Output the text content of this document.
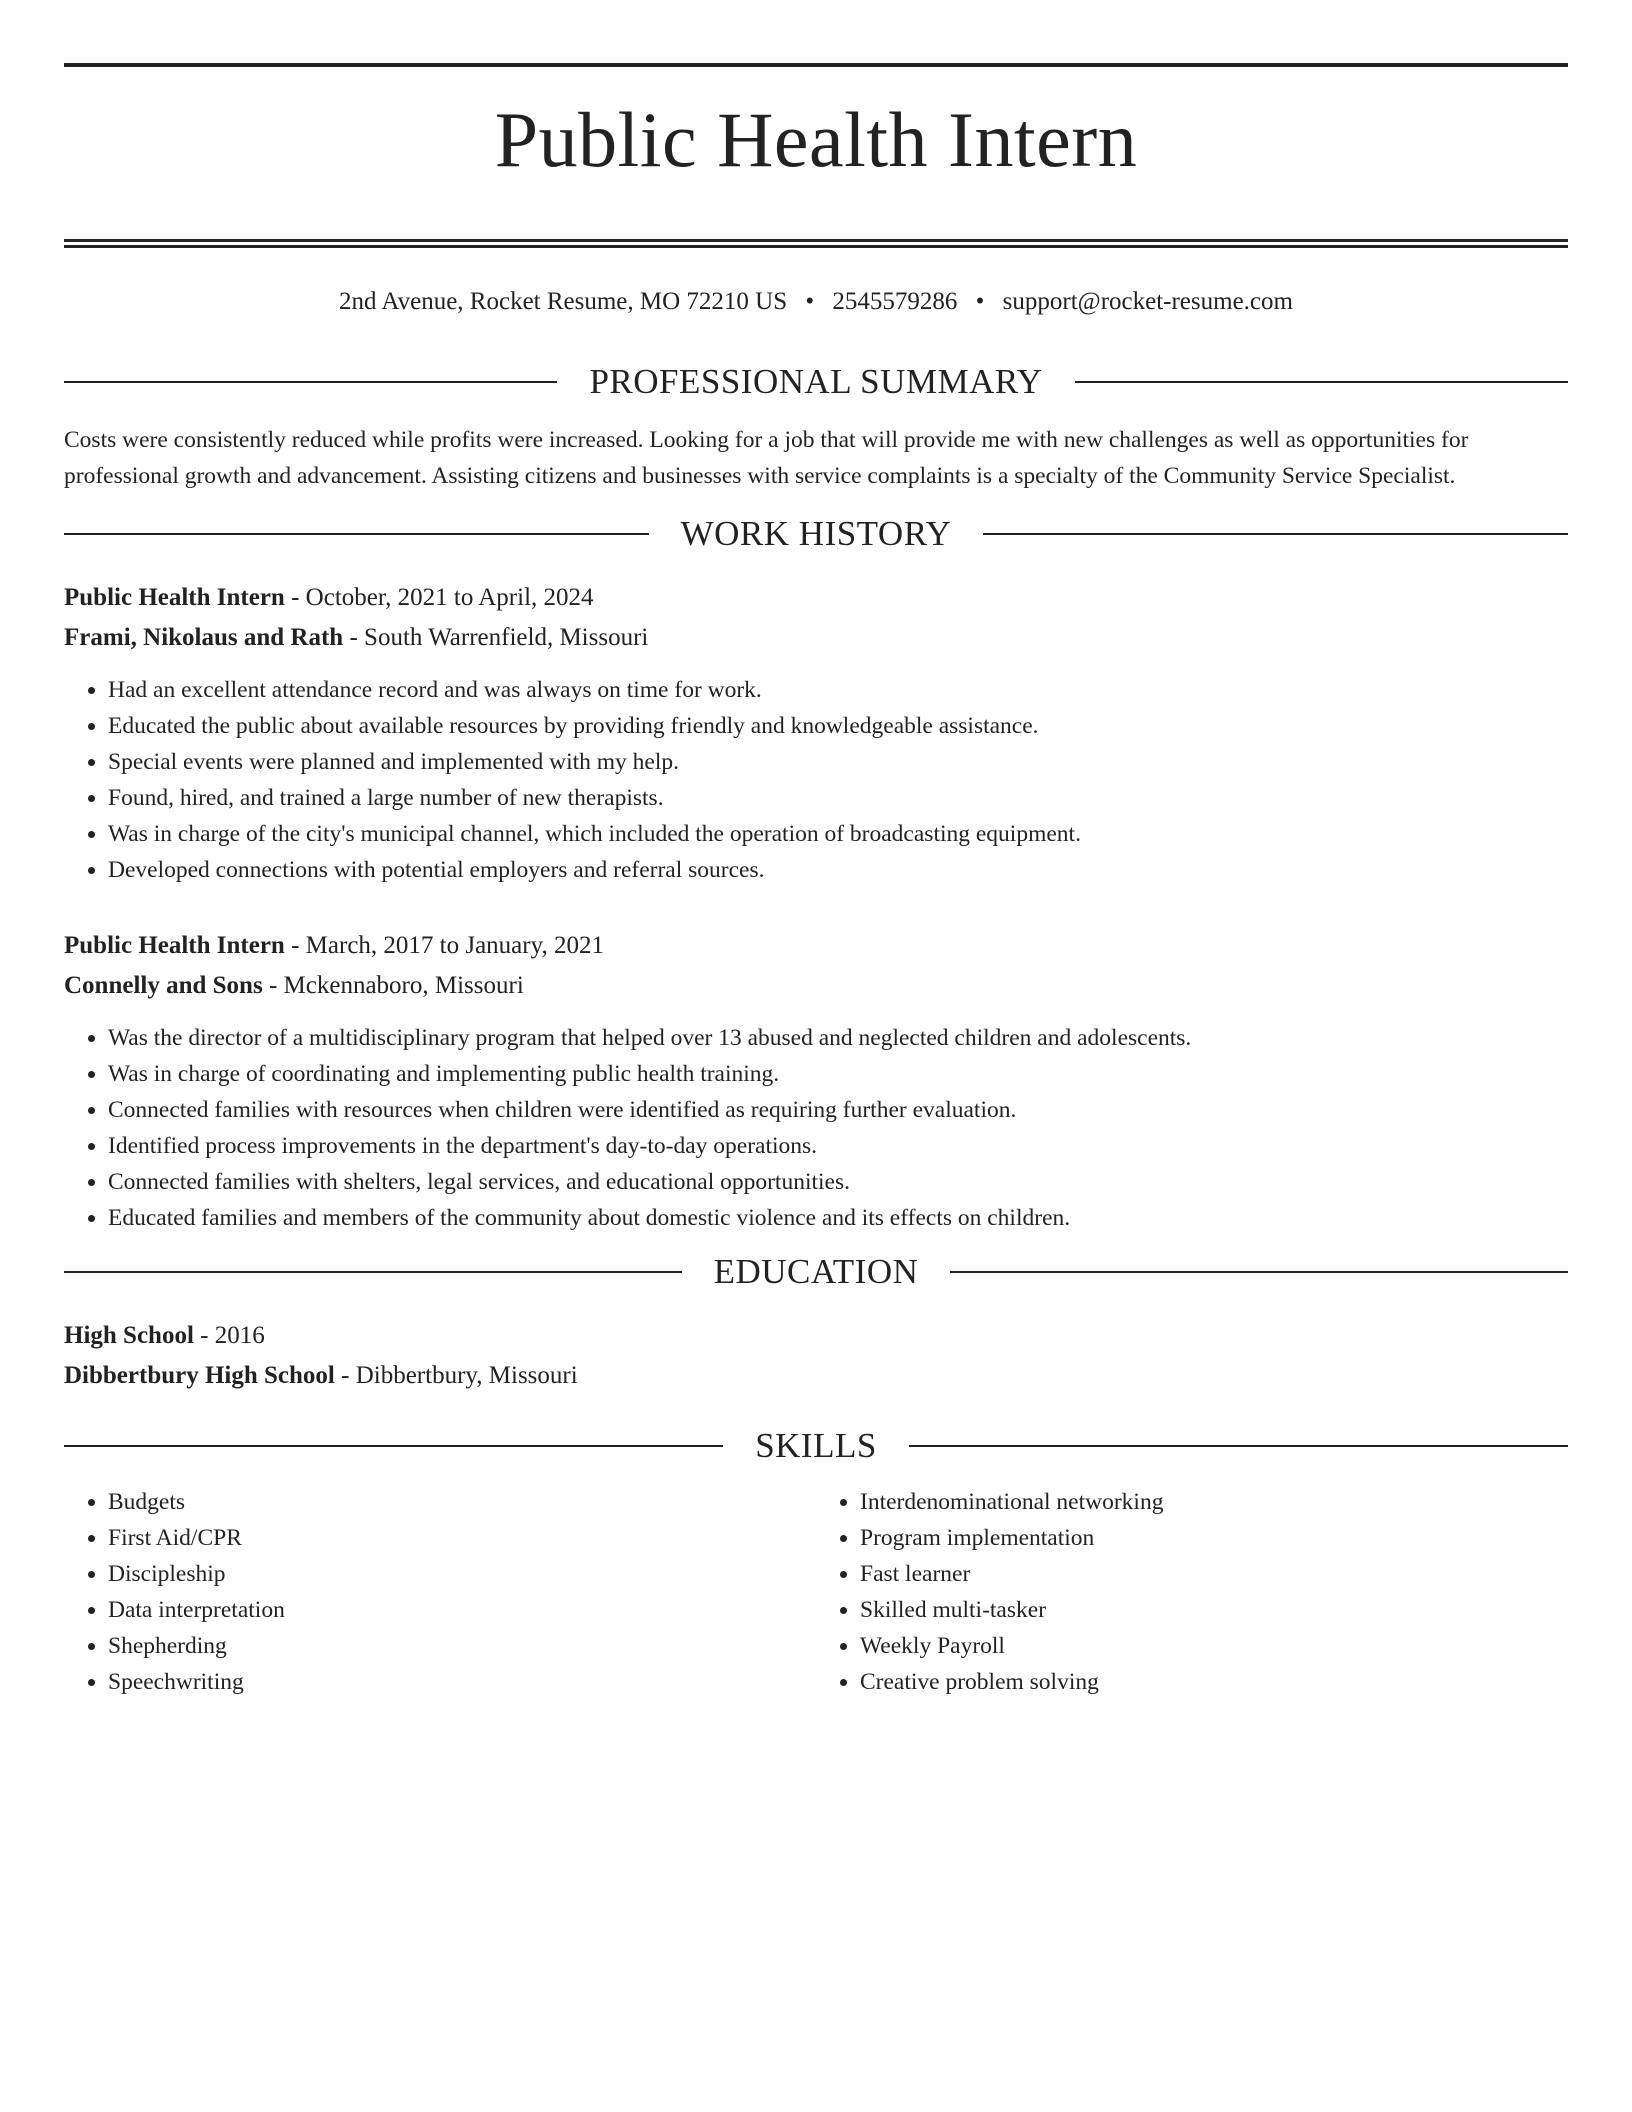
Public Health Intern
2nd Avenue, Rocket Resume, MO 72210 US • 2545579286 • support@rocket-resume.com
PROFESSIONAL SUMMARY

Costs were consistently reduced while profits were increased. Looking for a job that will provide me with new challenges as well as opportunities for professional growth and advancement. Assisting citizens and businesses with service complaints is a specialty of the Community Service Specialist.

WORK HISTORY

Public Health Intern - October, 2021 to April, 2024

Frami, Nikolaus and Rath - South Warrenfield, Missouri

• Had an excellent attendance record and was always on time for work.
• Educated the public about available resources by providing friendly and knowledgeable assistance.
• Special events were planned and implemented with my help.
• Found, hired, and trained a large number of new therapists.
• Was in charge of the city's municipal channel, which included the operation of broadcasting equipment.
• Developed connections with potential employers and referral sources.

Public Health Intern - March, 2017 to January, 2021

Connelly and Sons - Mckennaboro, Missouri

• Was the director of a multidisciplinary program that helped over 13 abused and neglected children and adolescents.
• Was in charge of coordinating and implementing public health training.
• Connected families with resources when children were identified as requiring further evaluation.
• Identified process improvements in the department's day-to-day operations.
• Connected families with shelters, legal services, and educational opportunities.
• Educated families and members of the community about domestic violence and its effects on children.
EDUCATION

High School - 2016

Dibbertbury High School - Dibbertbury, Missouri

SKILLS
• Budgets
• First Aid/CPR
• Discipleship
• Data interpretation
• Shepherding
• Speechwriting
• Interdenominational networking
• Program implementation
• Fast learner
• Skilled multi-tasker
• Weekly Payroll
• Creative problem solving
